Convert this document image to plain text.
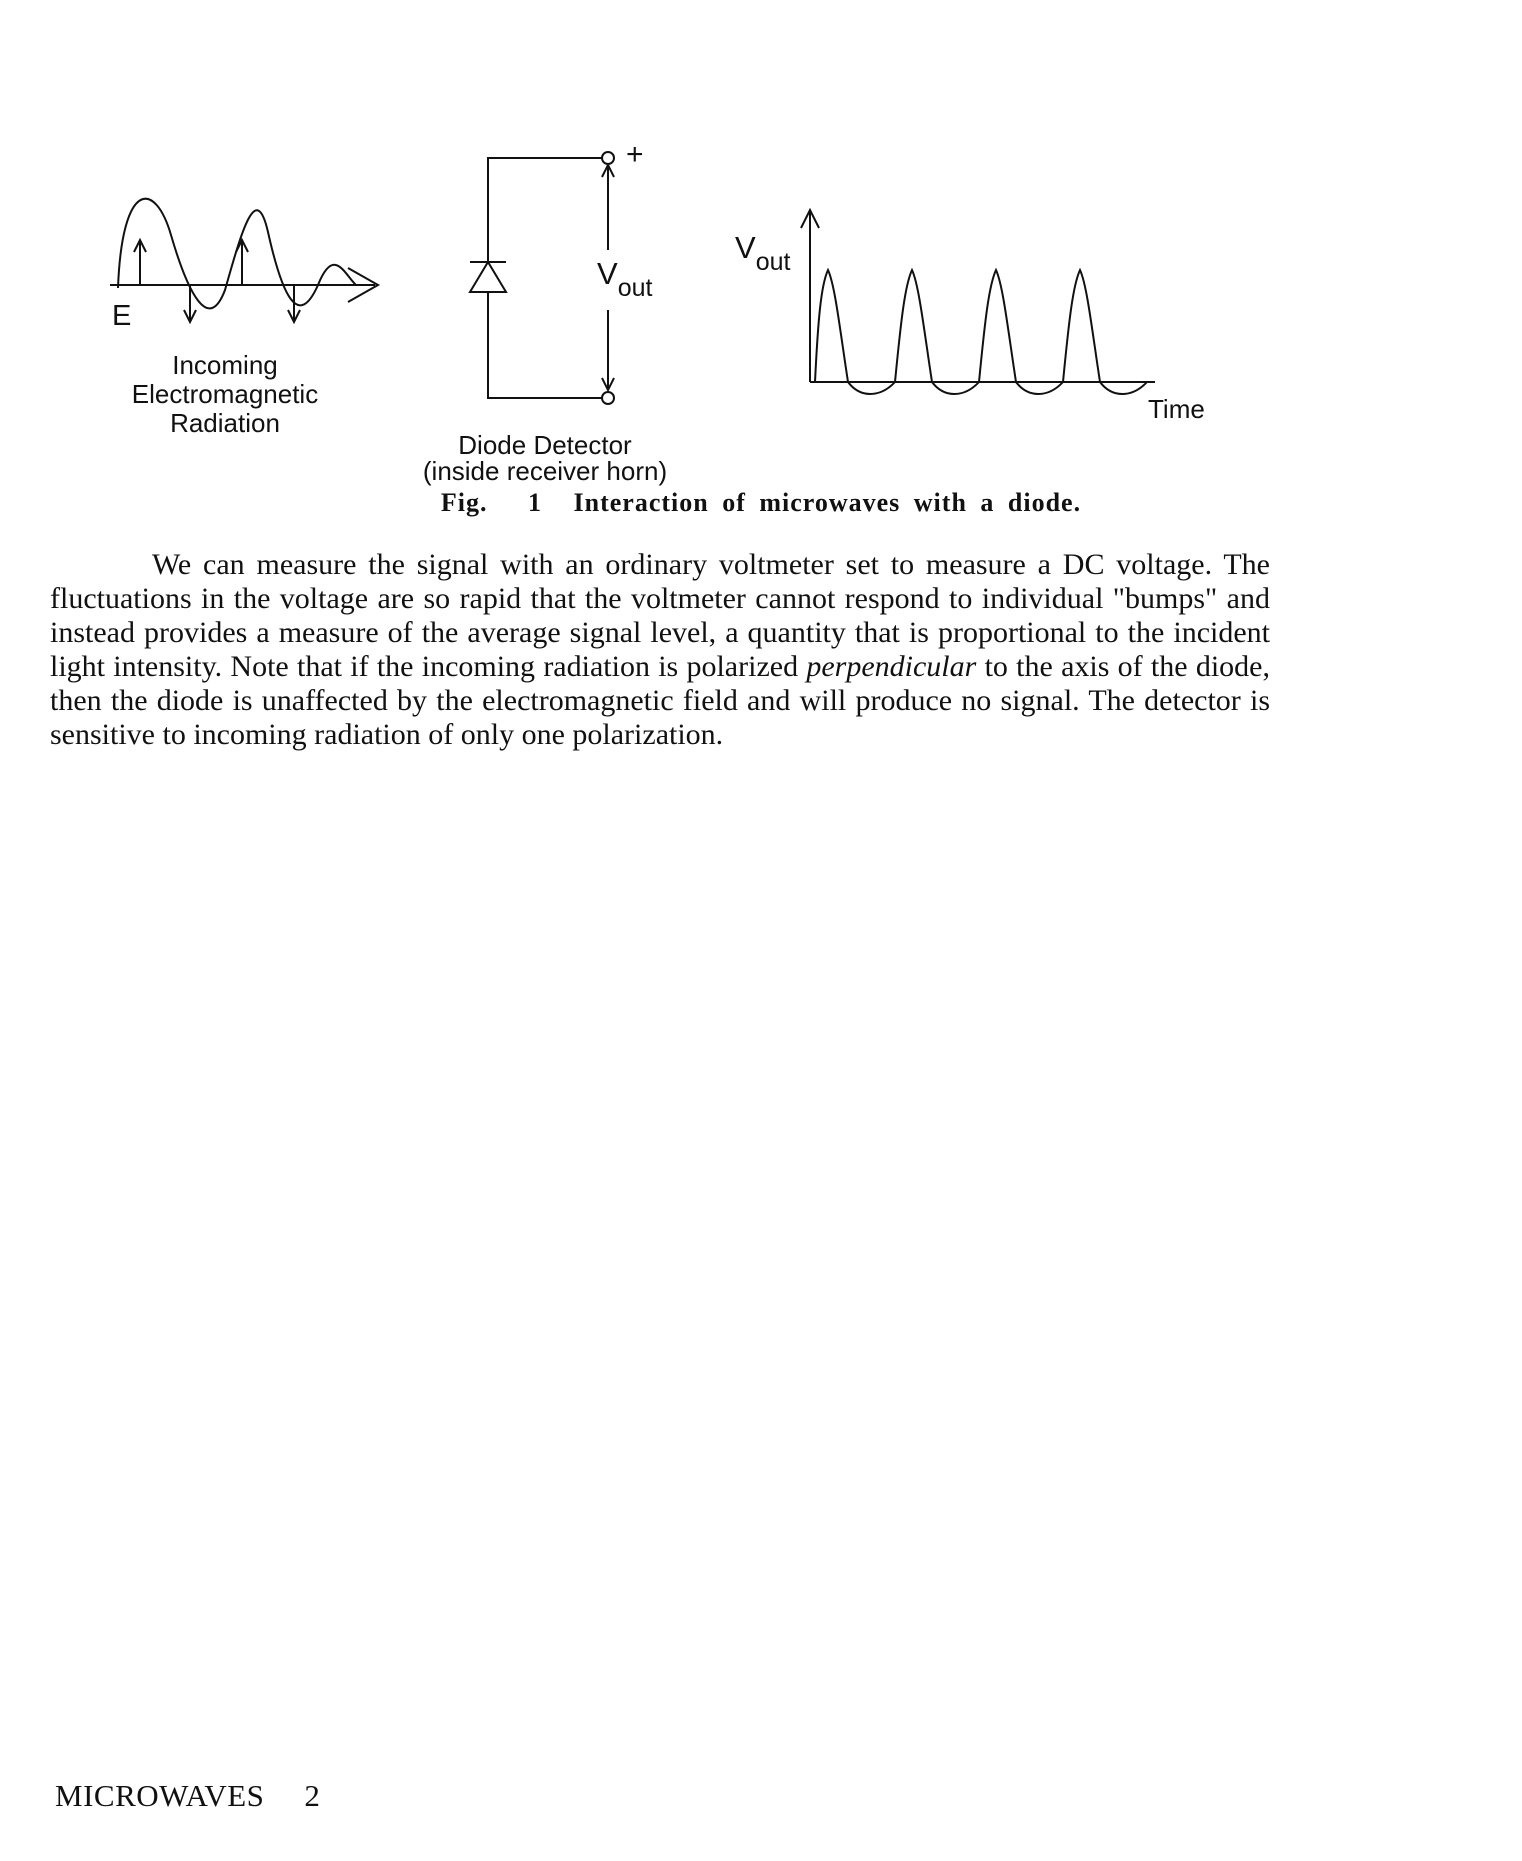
E
Incoming
Electromagnetic
Radiation
+
$V_{out}$
Diode Detector
(inside receiver horn)
$V_{out}$
Time
Fig.   1 Interaction of microwaves with a diode.

We can measure the signal with an ordinary voltmeter set to measure a DC voltage. The fluctuations in the voltage are so rapid that the voltmeter cannot respond to individual "bumps" and instead provides a measure of the average signal level, a quantity that is proportional to the incident light intensity. Note that if the incoming radiation is polarized perpendicular to the axis of the diode, then the diode is unaffected by the electromagnetic field and will produce no signal. The detector is sensitive to incoming radiation of only one polarization.

MICROWAVES 2
